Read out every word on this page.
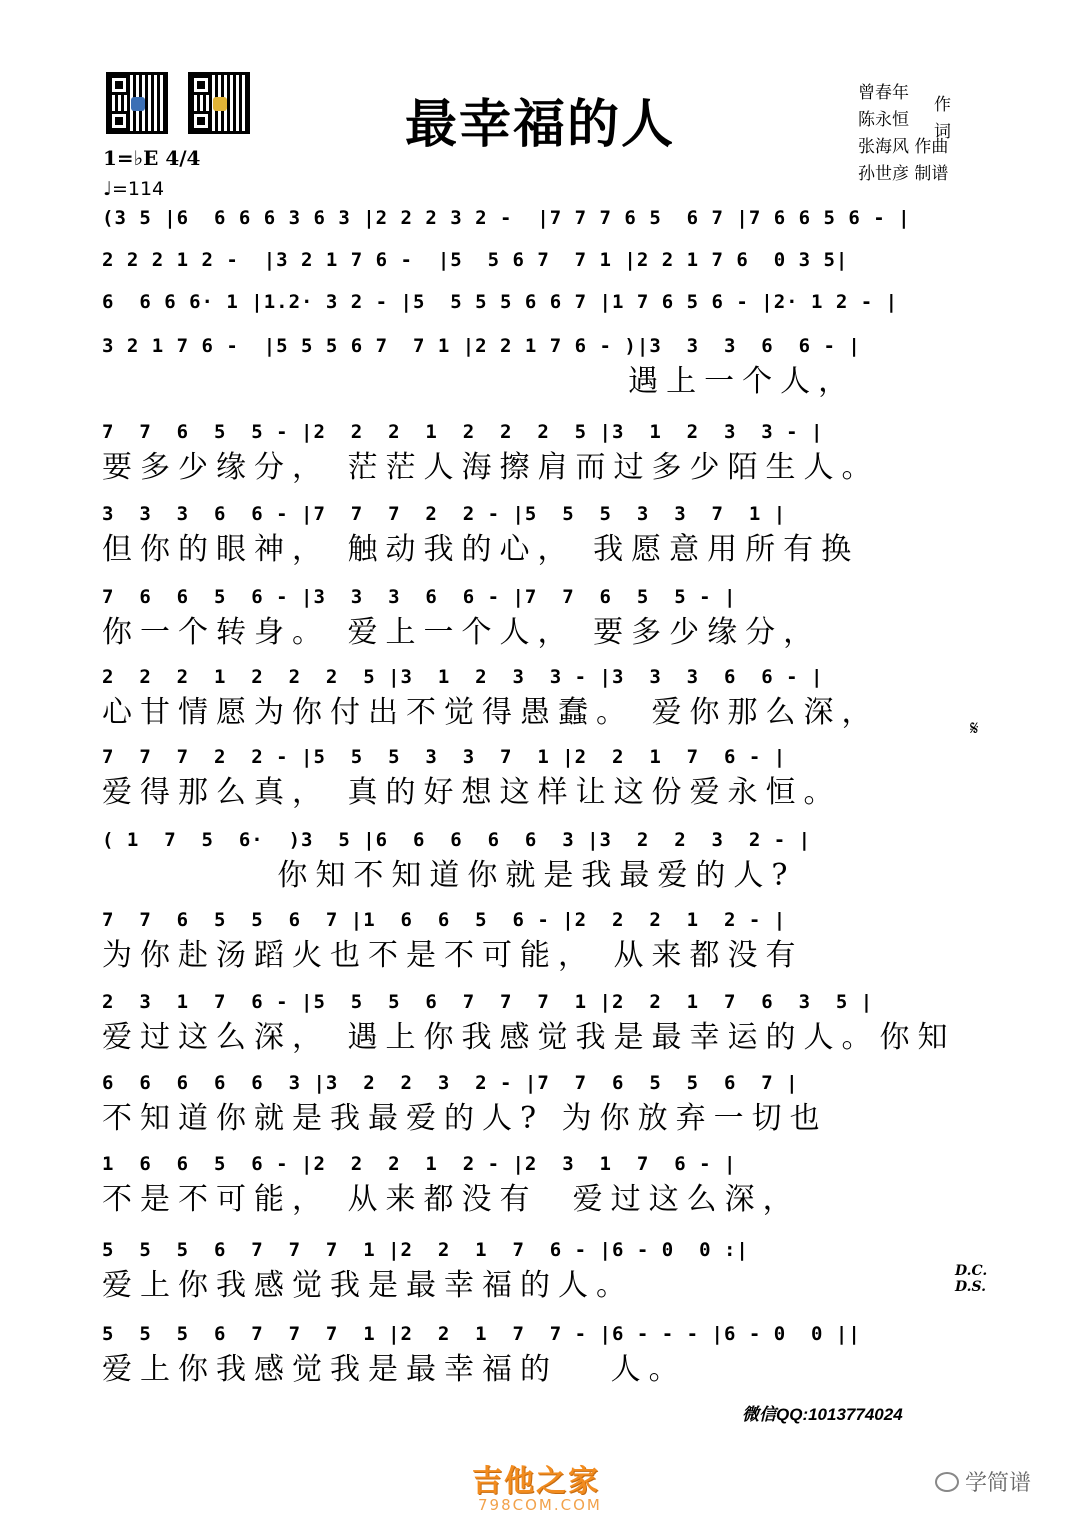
最幸福的人
曾春年
陈永恒
作词
张海风 作曲
孙世彦 制谱
1=♭E 4/4
♩=114
(3 5 |6  6 6 6 3 6 3 |2 2 2 3 2 -  |7 7 7 6 5  6 7 |7 6 6 5 6 - |
2 2 2 1 2 -  |3 2 1 7 6 -  |5  5 6 7  7 1 |2 2 1 7 6  0 3 5|
6  6 6 6· 1 |1.2· 3 2 - |5  5 5 5 6 6 7 |1 7 6 5 6 - |2· 1 2 - |
3 2 1 7 6 -  |5 5 5 6 7  7 1 |2 2 1 7 6 - )|3  3  3  6  6 - |
遇上一个人，
7  7  6  5  5 - |2  2  2  1  2  2  2  5 |3  1  2  3  3 - |
要多少缘分， 茫茫人海擦肩而过多少陌生人。
3  3  3  6  6 - |7  7  7  2  2 - |5  5  5  3  3  7  1 |
但你的眼神， 触动我的心， 我愿意用所有换
7  6  6  5  6 - |3  3  3  6  6 - |7  7  6  5  5 - |
你一个转身。 爱上一个人， 要多少缘分，
2  2  2  1  2  2  2  5 |3  1  2  3  3 - |3  3  3  6  6 - |
心甘情愿为你付出不觉得愚蠢。 爱你那么深，
7  7  7  2  2 - |5  5  5  3  3  7  1 |2  2  1  7  6 - |
爱得那么真， 真的好想这样让这份爱永恒。
( 1  7  5  6·  )3  5 |6  6  6  6  6  3 |3  2  2  3  2 - |
你知不知道你就是我最爱的人?
7  7  6  5  5  6  7 |1  6  6  5  6 - |2  2  2  1  2 - |
为你赴汤蹈火也不是不可能， 从来都没有
2  3  1  7  6 - |5  5  5  6  7  7  7  1 |2  2  1  7  6  3  5 |
爱过这么深， 遇上你我感觉我是最幸运的人。你知
6  6  6  6  6  3 |3  2  2  3  2 - |7  7  6  5  5  6  7 |
不知道你就是我最爱的人? 为你放弃一切也
1  6  6  5  6 - |2  2  2  1  2 - |2  3  1  7  6 - |
不是不可能， 从来都没有  爱过这么深，
5  5  5  6  7  7  7  1 |2  2  1  7  6 - |6 - 0  0 :|
爱上你我感觉我是最幸福的人。
5  5  5  6  7  7  7  1 |2  2  1  7  7 - |6 - - - |6 - 0  0 ||
爱上你我感觉我是最幸福的   人。
𝄋
D.C.
D.S.
微信QQ:1013774024
吉他之家
798COM.COM
学简谱
